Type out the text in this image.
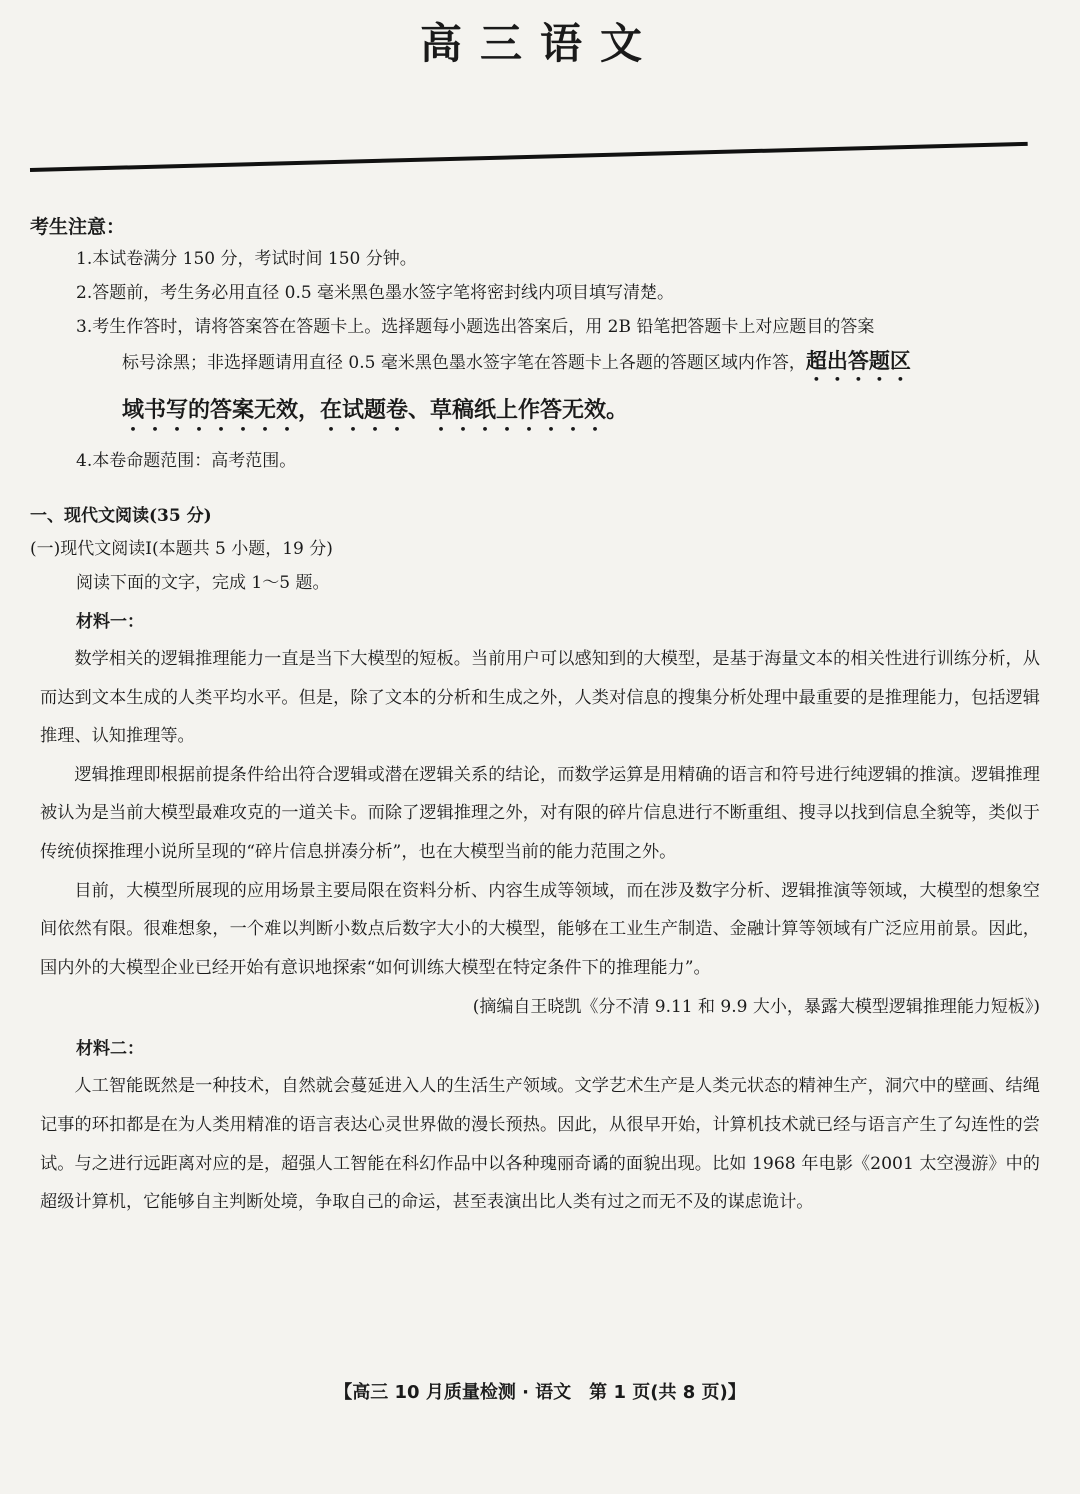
高三语文

考生注意：

1.本试卷满分 150 分，考试时间 150 分钟。

2.答题前，考生务必用直径 0.5 毫米黑色墨水签字笔将密封线内项目填写清楚。

3.考生作答时，请将答案答在答题卡上。选择题每小题选出答案后，用 2B 铅笔把答题卡上对应题目的答案

标号涂黑；非选择题请用直径 0.5 毫米黑色墨水签字笔在答题卡上各题的答题区域内作答，超出答题区

域书写的答案无效，在试题卷、草稿纸上作答无效。

4.本卷命题范围：高考范围。

一、现代文阅读(35 分)

(一)现代文阅读Ⅰ(本题共 5 小题，19 分)

阅读下面的文字，完成 1～5 题。

材料一：

数学相关的逻辑推理能力一直是当下大模型的短板。当前用户可以感知到的大模型，是基于海量文本的相关性进行训练分析，从而达到文本生成的人类平均水平。但是，除了文本的分析和生成之外，人类对信息的搜集分析处理中最重要的是推理能力，包括逻辑推理、认知推理等。

逻辑推理即根据前提条件给出符合逻辑或潜在逻辑关系的结论，而数学运算是用精确的语言和符号进行纯逻辑的推演。逻辑推理被认为是当前大模型最难攻克的一道关卡。而除了逻辑推理之外，对有限的碎片信息进行不断重组、搜寻以找到信息全貌等，类似于传统侦探推理小说所呈现的“碎片信息拼凑分析”，也在大模型当前的能力范围之外。

目前，大模型所展现的应用场景主要局限在资料分析、内容生成等领域，而在涉及数字分析、逻辑推演等领域，大模型的想象空间依然有限。很难想象，一个难以判断小数点后数字大小的大模型，能够在工业生产制造、金融计算等领域有广泛应用前景。因此，国内外的大模型企业已经开始有意识地探索“如何训练大模型在特定条件下的推理能力”。

(摘编自王晓凯《分不清 9.11 和 9.9 大小，暴露大模型逻辑推理能力短板》)

材料二：

人工智能既然是一种技术，自然就会蔓延进入人的生活生产领域。文学艺术生产是人类元状态的精神生产，洞穴中的壁画、结绳记事的环扣都是在为人类用精准的语言表达心灵世界做的漫长预热。因此，从很早开始，计算机技术就已经与语言产生了勾连性的尝试。与之进行远距离对应的是，超强人工智能在科幻作品中以各种瑰丽奇谲的面貌出现。比如 1968 年电影《2001 太空漫游》中的超级计算机，它能够自主判断处境，争取自己的命运，甚至表演出比人类有过之而无不及的谋虑诡计。

【高三 10 月质量检测 · 语文　第 1 页(共 8 页)】
